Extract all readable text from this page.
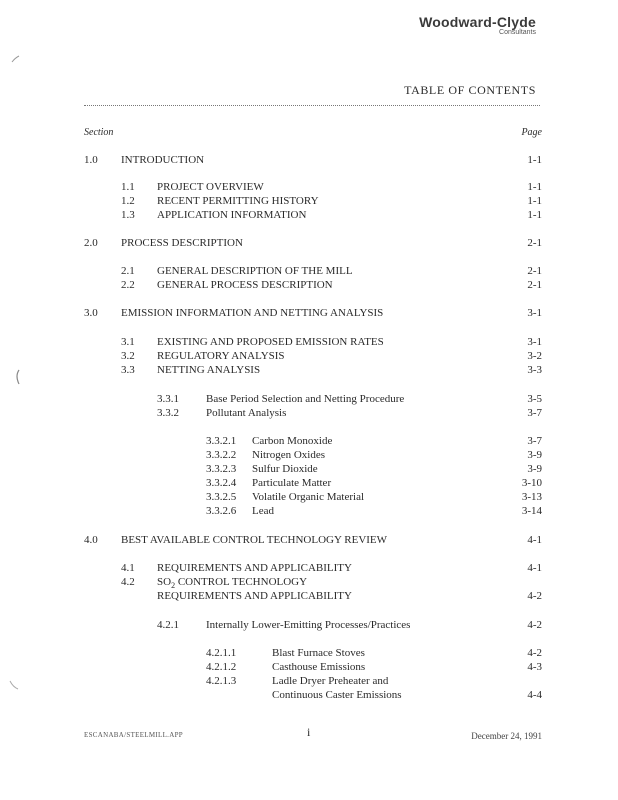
Woodward-Clyde
Consultants
TABLE OF CONTENTS
Section	Page
1.0 INTRODUCTION	1-1
1.1 PROJECT OVERVIEW	1-1
1.2 RECENT PERMITTING HISTORY	1-1
1.3 APPLICATION INFORMATION	1-1
2.0 PROCESS DESCRIPTION	2-1
2.1 GENERAL DESCRIPTION OF THE MILL	2-1
2.2 GENERAL PROCESS DESCRIPTION	2-1
3.0 EMISSION INFORMATION AND NETTING ANALYSIS	3-1
3.1 EXISTING AND PROPOSED EMISSION RATES	3-1
3.2 REGULATORY ANALYSIS	3-2
3.3 NETTING ANALYSIS	3-3
3.3.1 Base Period Selection and Netting Procedure	3-5
3.3.2 Pollutant Analysis	3-7
3.3.2.1 Carbon Monoxide	3-7
3.3.2.2 Nitrogen Oxides	3-9
3.3.2.3 Sulfur Dioxide	3-9
3.3.2.4 Particulate Matter	3-10
3.3.2.5 Volatile Organic Material	3-13
3.3.2.6 Lead	3-14
4.0 BEST AVAILABLE CONTROL TECHNOLOGY REVIEW	4-1
4.1 REQUIREMENTS AND APPLICABILITY	4-1
4.2 $SO_2$ CONTROL TECHNOLOGY
REQUIREMENTS AND APPLICABILITY	4-2
4.2.1 Internally Lower-Emitting Processes/Practices	4-2
4.2.1.1	Blast Furnace Stoves	4-2
4.2.1.2	Casthouse Emissions	4-3
4.2.1.3	Ladle Dryer Preheater and
Continuous Caster Emissions	4-4
ESCANABA/STEELMILL.APP	i	December 24, 1991
